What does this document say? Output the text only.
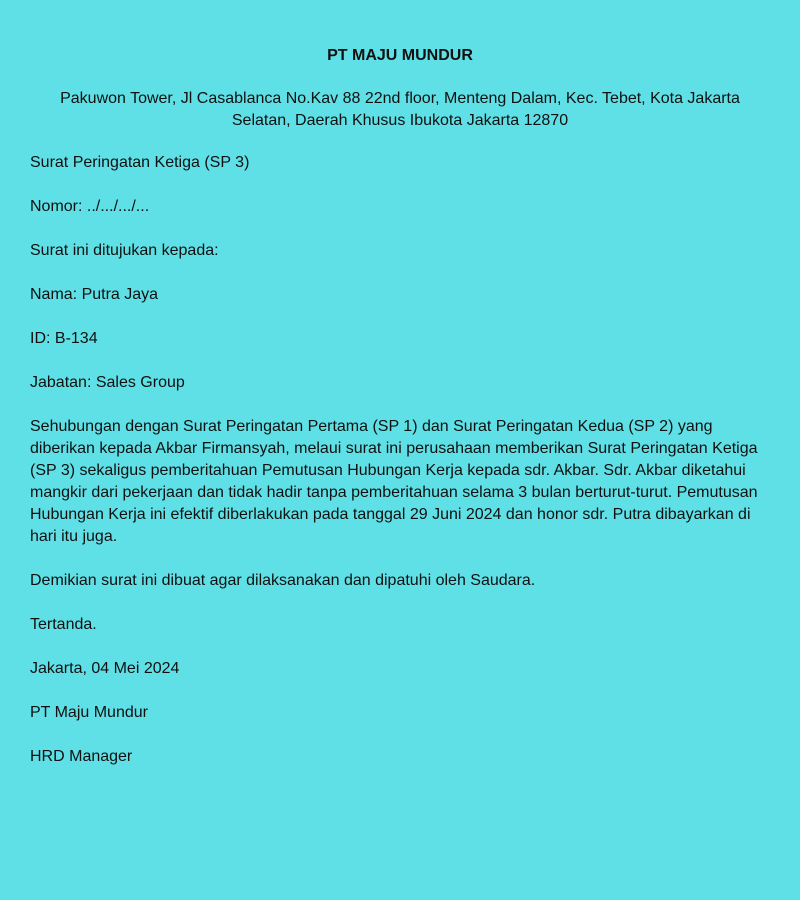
PT MAJU MUNDUR
Pakuwon Tower, Jl Casablanca No.Kav 88 22nd floor, Menteng Dalam, Kec. Tebet, Kota Jakarta Selatan, Daerah Khusus Ibukota Jakarta 12870

Surat Peringatan Ketiga (SP 3)

Nomor: ../.../.../...

Surat ini ditujukan kepada:

Nama: Putra Jaya

ID: B-134

Jabatan: Sales Group

Sehubungan dengan Surat Peringatan Pertama (SP 1) dan Surat Peringatan Kedua (SP 2) yang diberikan kepada Akbar Firmansyah, melaui surat ini perusahaan memberikan Surat Peringatan Ketiga (SP 3) sekaligus pemberitahuan Pemutusan Hubungan Kerja kepada sdr. Akbar. Sdr. Akbar diketahui mangkir dari pekerjaan dan tidak hadir tanpa pemberitahuan selama 3 bulan berturut-turut. Pemutusan Hubungan Kerja ini efektif diberlakukan pada tanggal 29 Juni 2024 dan honor sdr. Putra dibayarkan di hari itu juga.

Demikian surat ini dibuat agar dilaksanakan dan dipatuhi oleh Saudara.

Tertanda.

Jakarta, 04 Mei 2024

PT Maju Mundur

HRD Manager
